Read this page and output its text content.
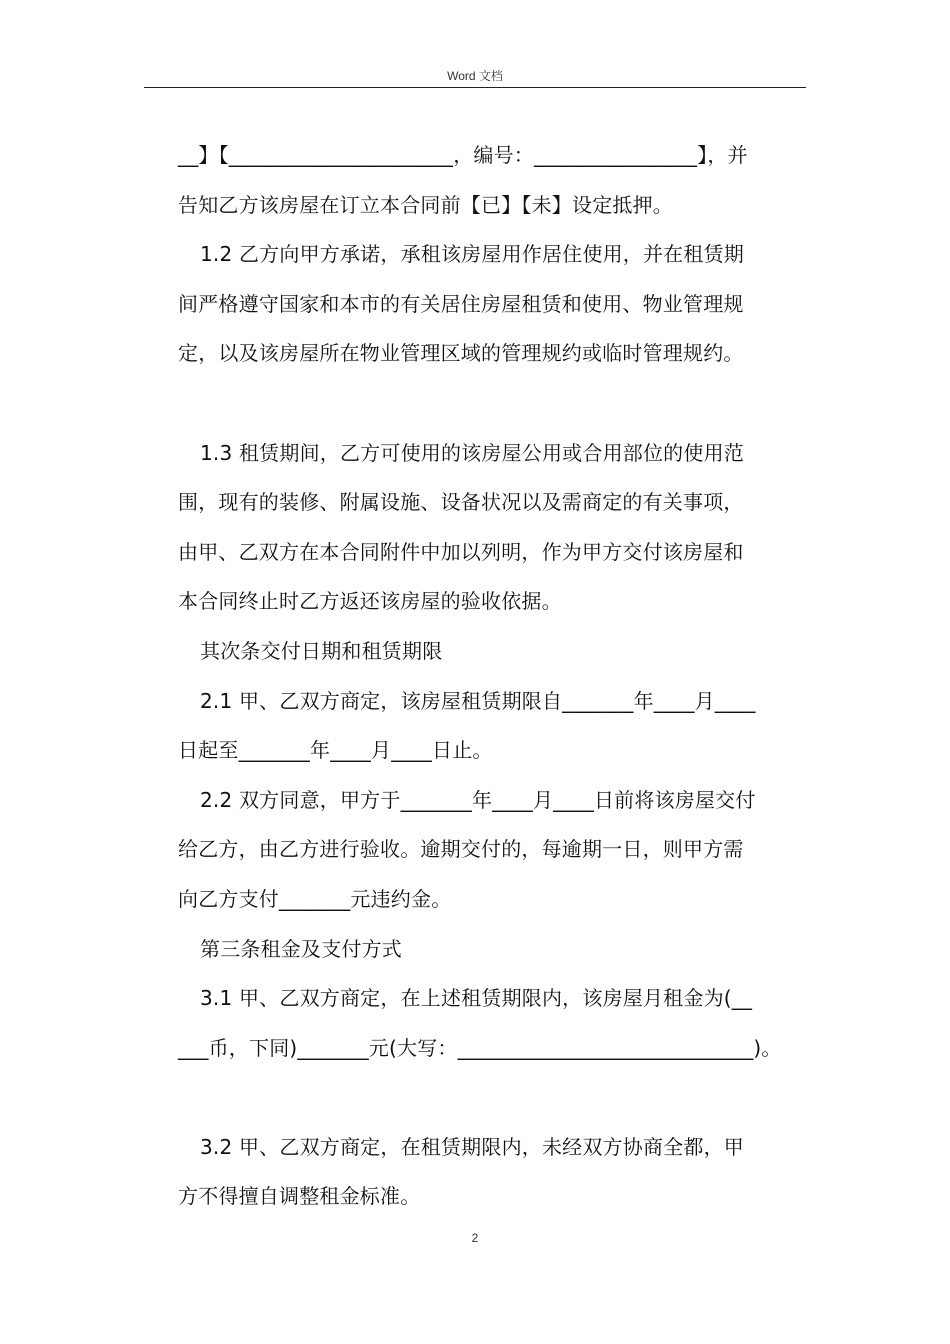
Word 文档

__】【______________________，编号：________________】，并

告知乙方该房屋在订立本合同前【已】【未】设定抵押。

1.2 乙方向甲方承诺，承租该房屋用作居住使用，并在租赁期

间严格遵守国家和本市的有关居住房屋租赁和使用、物业管理规

定，以及该房屋所在物业管理区域的管理规约或临时管理规约。

1.3 租赁期间，乙方可使用的该房屋公用或合用部位的使用范

围，现有的装修、附属设施、设备状况以及需商定的有关事项，

由甲、乙双方在本合同附件中加以列明，作为甲方交付该房屋和

本合同终止时乙方返还该房屋的验收依据。

其次条交付日期和租赁期限

2.1 甲、乙双方商定，该房屋租赁期限自_______年____月____

日起至_______年____月____日止。

2.2 双方同意，甲方于_______年____月____日前将该房屋交付

给乙方，由乙方进行验收。逾期交付的，每逾期一日，则甲方需

向乙方支付_______元违约金。

第三条租金及支付方式

3.1 甲、乙双方商定，在上述租赁期限内，该房屋月租金为(__

___币，下同)_______元(大写：_____________________________)。

3.2 甲、乙双方商定，在租赁期限内，未经双方协商全都，甲

方不得擅自调整租金标准。

2
